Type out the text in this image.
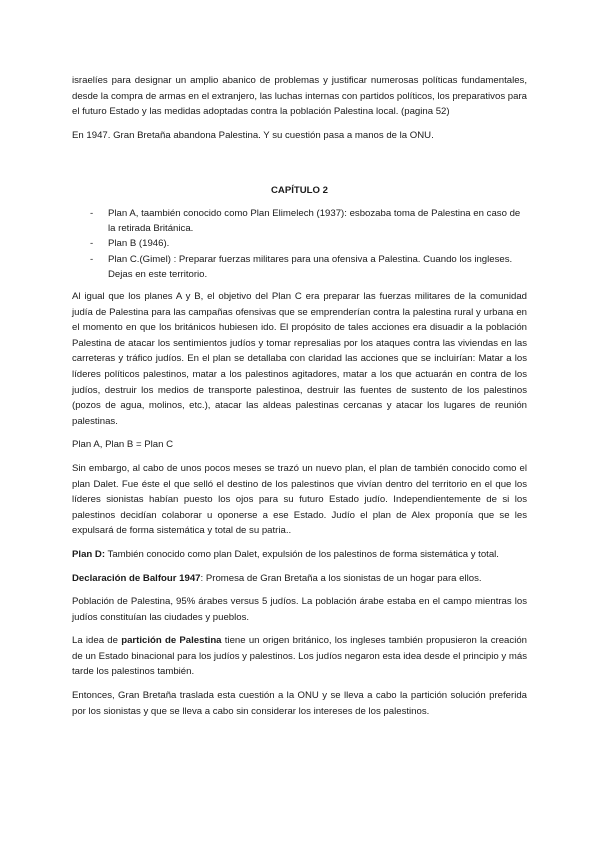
israelíes para designar un amplio abanico de problemas y justificar numerosas políticas fundamentales, desde la compra de armas en el extranjero, las luchas internas con partidos políticos, los preparativos para el futuro Estado y las medidas adoptadas contra la población Palestina local. (pagina 52)

En 1947. Gran Bretaña abandona Palestina. Y su cuestión pasa a manos de la ONU.

CAPÍTULO 2
- Plan A, taambién conocido como Plan Elimelech (1937): esbozaba toma de Palestina en caso de la retirada Británica.
- Plan B (1946).
- Plan C.(Gimel) : Preparar fuerzas militares para una ofensiva a Palestina. Cuando los ingleses. Dejas en este territorio.

Al igual que los planes A y B, el objetivo del Plan C era preparar las fuerzas militares de la comunidad judía de Palestina para las campañas ofensivas que se emprenderían contra la palestina rural y urbana en el momento en que los británicos hubiesen ido. El propósito de tales acciones era disuadir a la población Palestina de atacar los sentimientos judíos y tomar represalias por los ataques contra las viviendas en las carreteras y tráfico judíos. En el plan se detallaba con claridad las acciones que se incluirían: Matar a los líderes políticos palestinos, matar a los palestinos agitadores, matar a los que actuarán en contra de los judíos, destruir los medios de transporte palestinoa, destruir las fuentes de sustento de los palestinos (pozos de agua, molinos, etc.), atacar las aldeas palestinas cercanas y atacar los lugares de reunión palestinas.

Plan A, Plan B = Plan C

Sin embargo, al cabo de unos pocos meses se trazó un nuevo plan, el plan de también conocido como el plan Dalet. Fue éste el que selló el destino de los palestinos que vivían dentro del territorio en el que los líderes sionistas habían puesto los ojos para su futuro Estado judío. Independientemente de si los palestinos decidían colaborar u oponerse a ese Estado. Judío el plan de Alex proponía que se les expulsará de forma sistemática y total de su patria..

Plan D: También conocido como plan Dalet, expulsión de los palestinos de forma sistemática y total.

Declaración de Balfour 1947: Promesa de Gran Bretaña a los sionistas de un hogar para ellos.

Población de Palestina, 95% árabes versus 5 judíos. La población árabe estaba en el campo mientras los judíos constituían las ciudades y pueblos.

La idea de partición de Palestina tiene un origen británico, los ingleses también propusieron la creación de un Estado binacional para los judíos y palestinos. Los judíos negaron esta idea desde el principio y más tarde los palestinos también.

Entonces, Gran Bretaña traslada esta cuestión a la ONU y se lleva a cabo la partición solución preferida por los sionistas y que se lleva a cabo sin considerar los intereses de los palestinos.
